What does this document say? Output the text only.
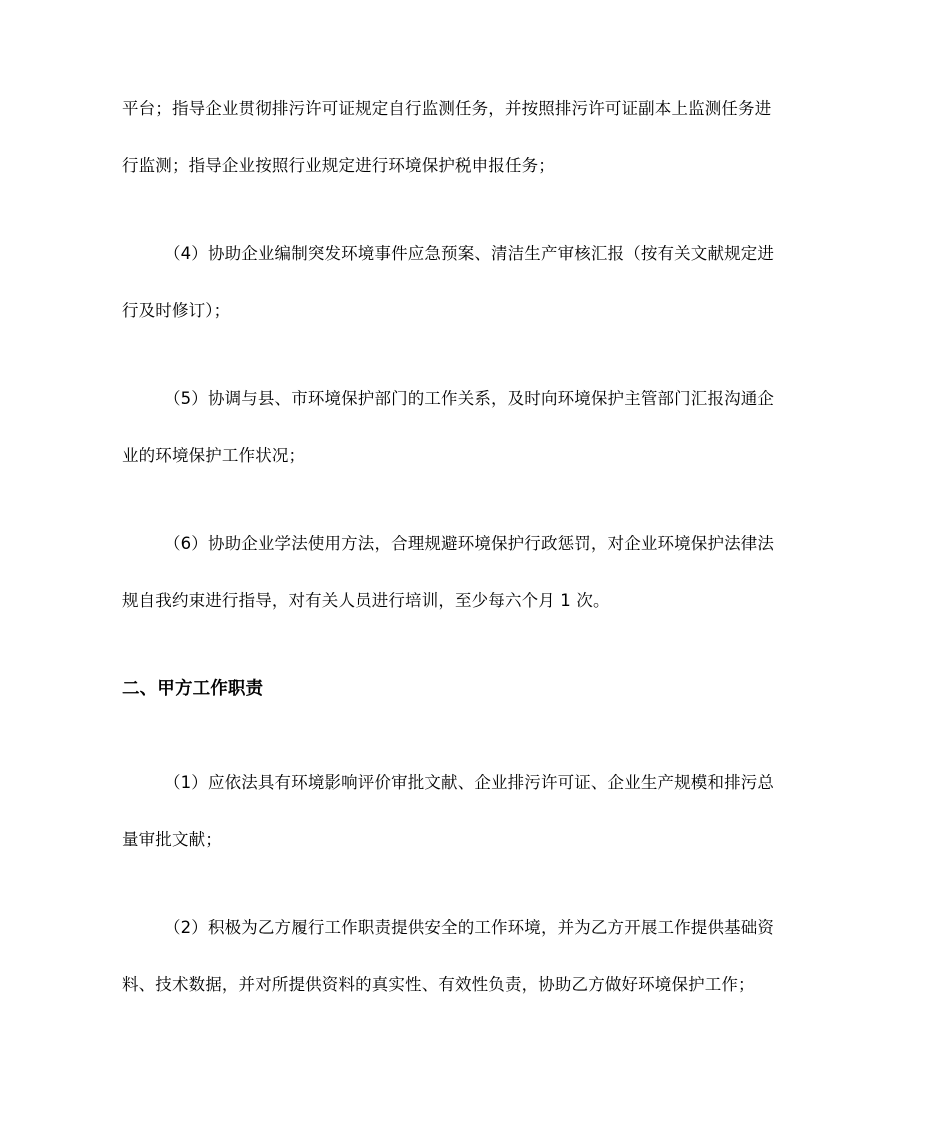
平台；指导企业贯彻排污许可证规定自行监测任务，并按照排污许可证副本上监测任务进
行监测；指导企业按照行业规定进行环境保护税申报任务；
（4）协助企业编制突发环境事件应急预案、清洁生产审核汇报（按有关文献规定进
行及时修订）；
（5）协调与县、市环境保护部门的工作关系，及时向环境保护主管部门汇报沟通企
业的环境保护工作状况；
（6）协助企业学法使用方法，合理规避环境保护行政惩罚，对企业环境保护法律法
规自我约束进行指导，对有关人员进行培训，至少每六个月 1 次。
二、甲方工作职责
（1）应依法具有环境影响评价审批文献、企业排污许可证、企业生产规模和排污总
量审批文献；
（2）积极为乙方履行工作职责提供安全的工作环境，并为乙方开展工作提供基础资
料、技术数据，并对所提供资料的真实性、有效性负责，协助乙方做好环境保护工作；
